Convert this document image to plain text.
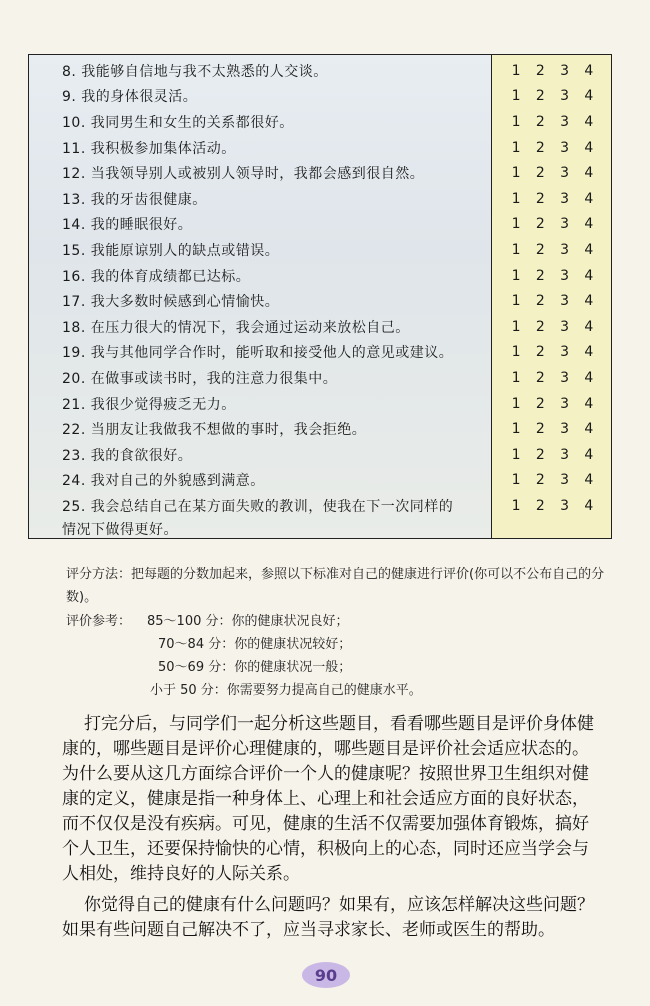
8. 我能够自信地与我不太熟悉的人交谈。
9. 我的身体很灵活。
10. 我同男生和女生的关系都很好。
11. 我积极参加集体活动。
12. 当我领导别人或被别人领导时，我都会感到很自然。
13. 我的牙齿很健康。
14. 我的睡眠很好。
15. 我能原谅别人的缺点或错误。
16. 我的体育成绩都已达标。
17. 我大多数时候感到心情愉快。
18. 在压力很大的情况下，我会通过运动来放松自己。
19. 我与其他同学合作时，能听取和接受他人的意见或建议。
20. 在做事或读书时，我的注意力很集中。
21. 我很少觉得疲乏无力。
22. 当朋友让我做我不想做的事时，我会拒绝。
23. 我的食欲很好。
24. 我对自己的外貌感到满意。
25. 我会总结自己在某方面失败的教训，使我在下一次同样的
情况下做得更好。
1 2 3 4
1 2 3 4
1 2 3 4
1 2 3 4
1 2 3 4
1 2 3 4
1 2 3 4
1 2 3 4
1 2 3 4
1 2 3 4
1 2 3 4
1 2 3 4
1 2 3 4
1 2 3 4
1 2 3 4
1 2 3 4
1 2 3 4
1 2 3 4
评分方法：把每题的分数加起来，参照以下标准对自己的健康进行评价(你可以不公布自己的分数)。
评价参考： 85～100 分：你的健康状况良好；
70～84 分：你的健康状况较好；
50～69 分：你的健康状况一般；
小于 50 分：你需要努力提高自己的健康水平。
打完分后，与同学们一起分析这些题目，看看哪些题目是评价身体健康的，哪些题目是评价心理健康的，哪些题目是评价社会适应状态的。为什么要从这几方面综合评价一个人的健康呢？按照世界卫生组织对健康的定义，健康是指一种身体上、心理上和社会适应方面的良好状态，而不仅仅是没有疾病。可见，健康的生活不仅需要加强体育锻炼，搞好个人卫生，还要保持愉快的心情，积极向上的心态，同时还应当学会与人相处，维持良好的人际关系。
你觉得自己的健康有什么问题吗？如果有，应该怎样解决这些问题？如果有些问题自己解决不了，应当寻求家长、老师或医生的帮助。
90
